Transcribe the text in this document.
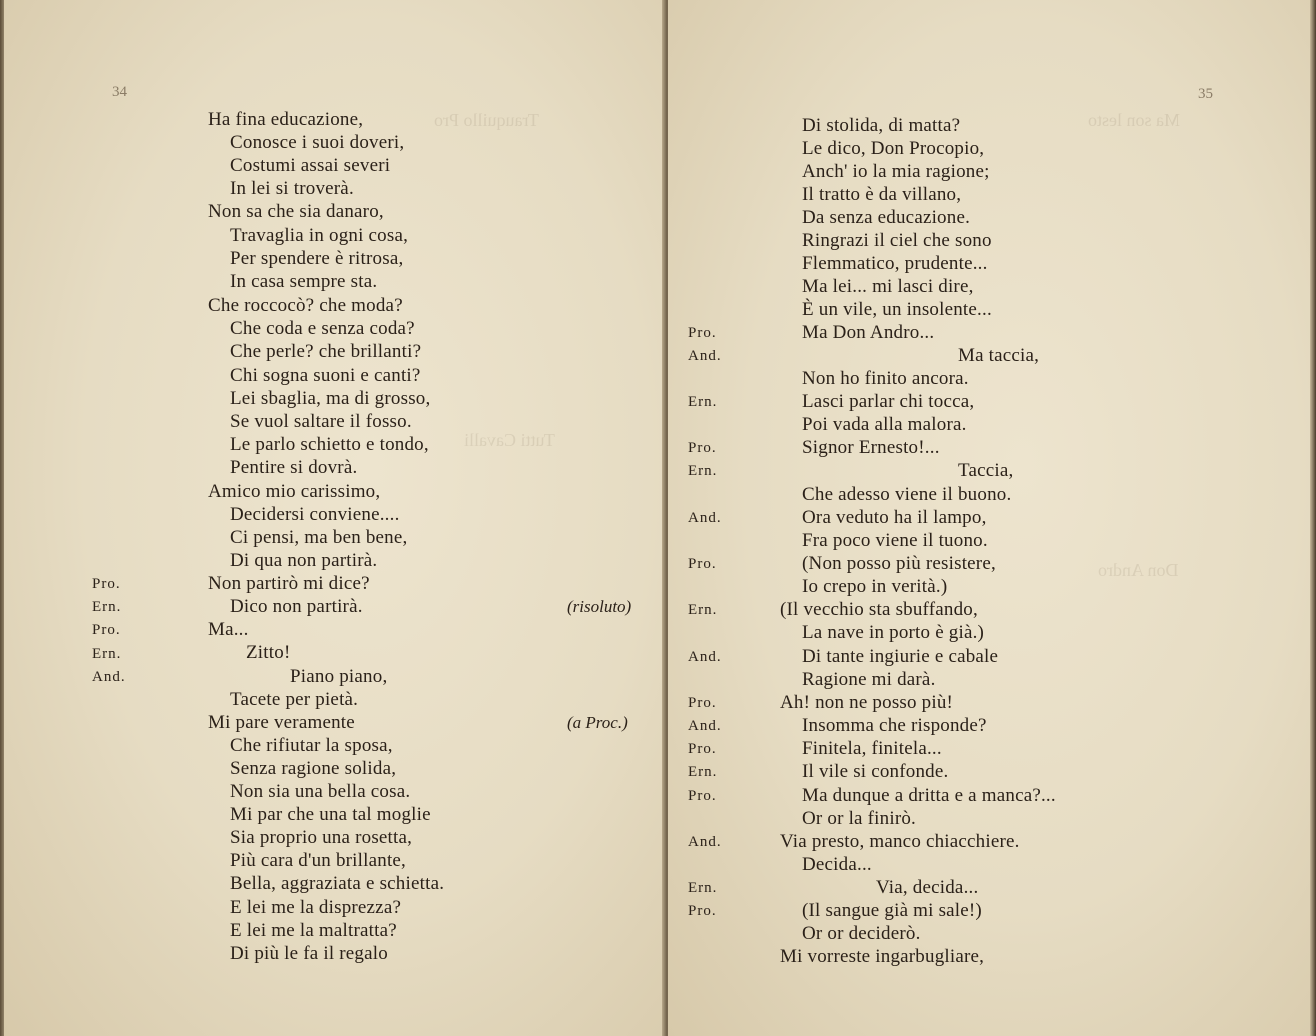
Trauquillo Pro
Tutti Cavalli
34
Ha fina educazione,
Conosce i suoi doveri,
Costumi assai severi
In lei si troverà.
Non sa che sia danaro,
Travaglia in ogni cosa,
Per spendere è ritrosa,
In casa sempre sta.
Che roccocò? che moda?
Che coda e senza coda?
Che perle? che brillanti?
Chi sogna suoni e canti?
Lei sbaglia, ma di grosso,
Se vuol saltare il fosso.
Le parlo schietto e tondo,
Pentire si dovrà.
Amico mio carissimo,
Decidersi conviene....
Ci pensi, ma ben bene,
Di qua non partirà.
Pro.	Non partirò mi dice?
Ern.	Dico non partirà.	(risoluto)
Pro.	Ma...
Ern.	Zitto!
And.	Piano piano,
Tacete per pietà.
Mi pare veramente	(a Proc.)
Che rifiutar la sposa,
Senza ragione solida,
Non sia una bella cosa.
Mi par che una tal moglie
Sia proprio una rosetta,
Più cara d'un brillante,
Bella, aggraziata e schietta.
E lei me la disprezza?
E lei me la maltratta?
Di più le fa il regalo
Ma son lesto
Don Andro
35
Di stolida, di matta?
Le dico, Don Procopio,
Anch' io la mia ragione;
Il tratto è da villano,
Da senza educazione.
Ringrazi il ciel che sono
Flemmatico, prudente...
Ma lei... mi lasci dire,
È un vile, un insolente...
Pro.	Ma Don Andro...
And.	Ma taccia,
Non ho finito ancora.
Ern.	Lasci parlar chi tocca,
Poi vada alla malora.
Pro.	Signor Ernesto!...
Ern.	Taccia,
Che adesso viene il buono.
And.	Ora veduto ha il lampo,
Fra poco viene il tuono.
Pro.	(Non posso più resistere,
Io crepo in verità.)
Ern.	(Il vecchio sta sbuffando,
La nave in porto è già.)
And.	Di tante ingiurie e cabale
Ragione mi darà.
Pro.	Ah! non ne posso più!
And.	Insomma che risponde?
Pro.	Finitela, finitela...
Ern.	Il vile si confonde.
Pro.	Ma dunque a dritta e a manca?...
Or or la finirò.
And.	Via presto, manco chiacchiere.
Decida...
Ern.	Via, decida...
Pro.	(Il sangue già mi sale!)
Or or deciderò.
Mi vorreste ingarbugliare,
